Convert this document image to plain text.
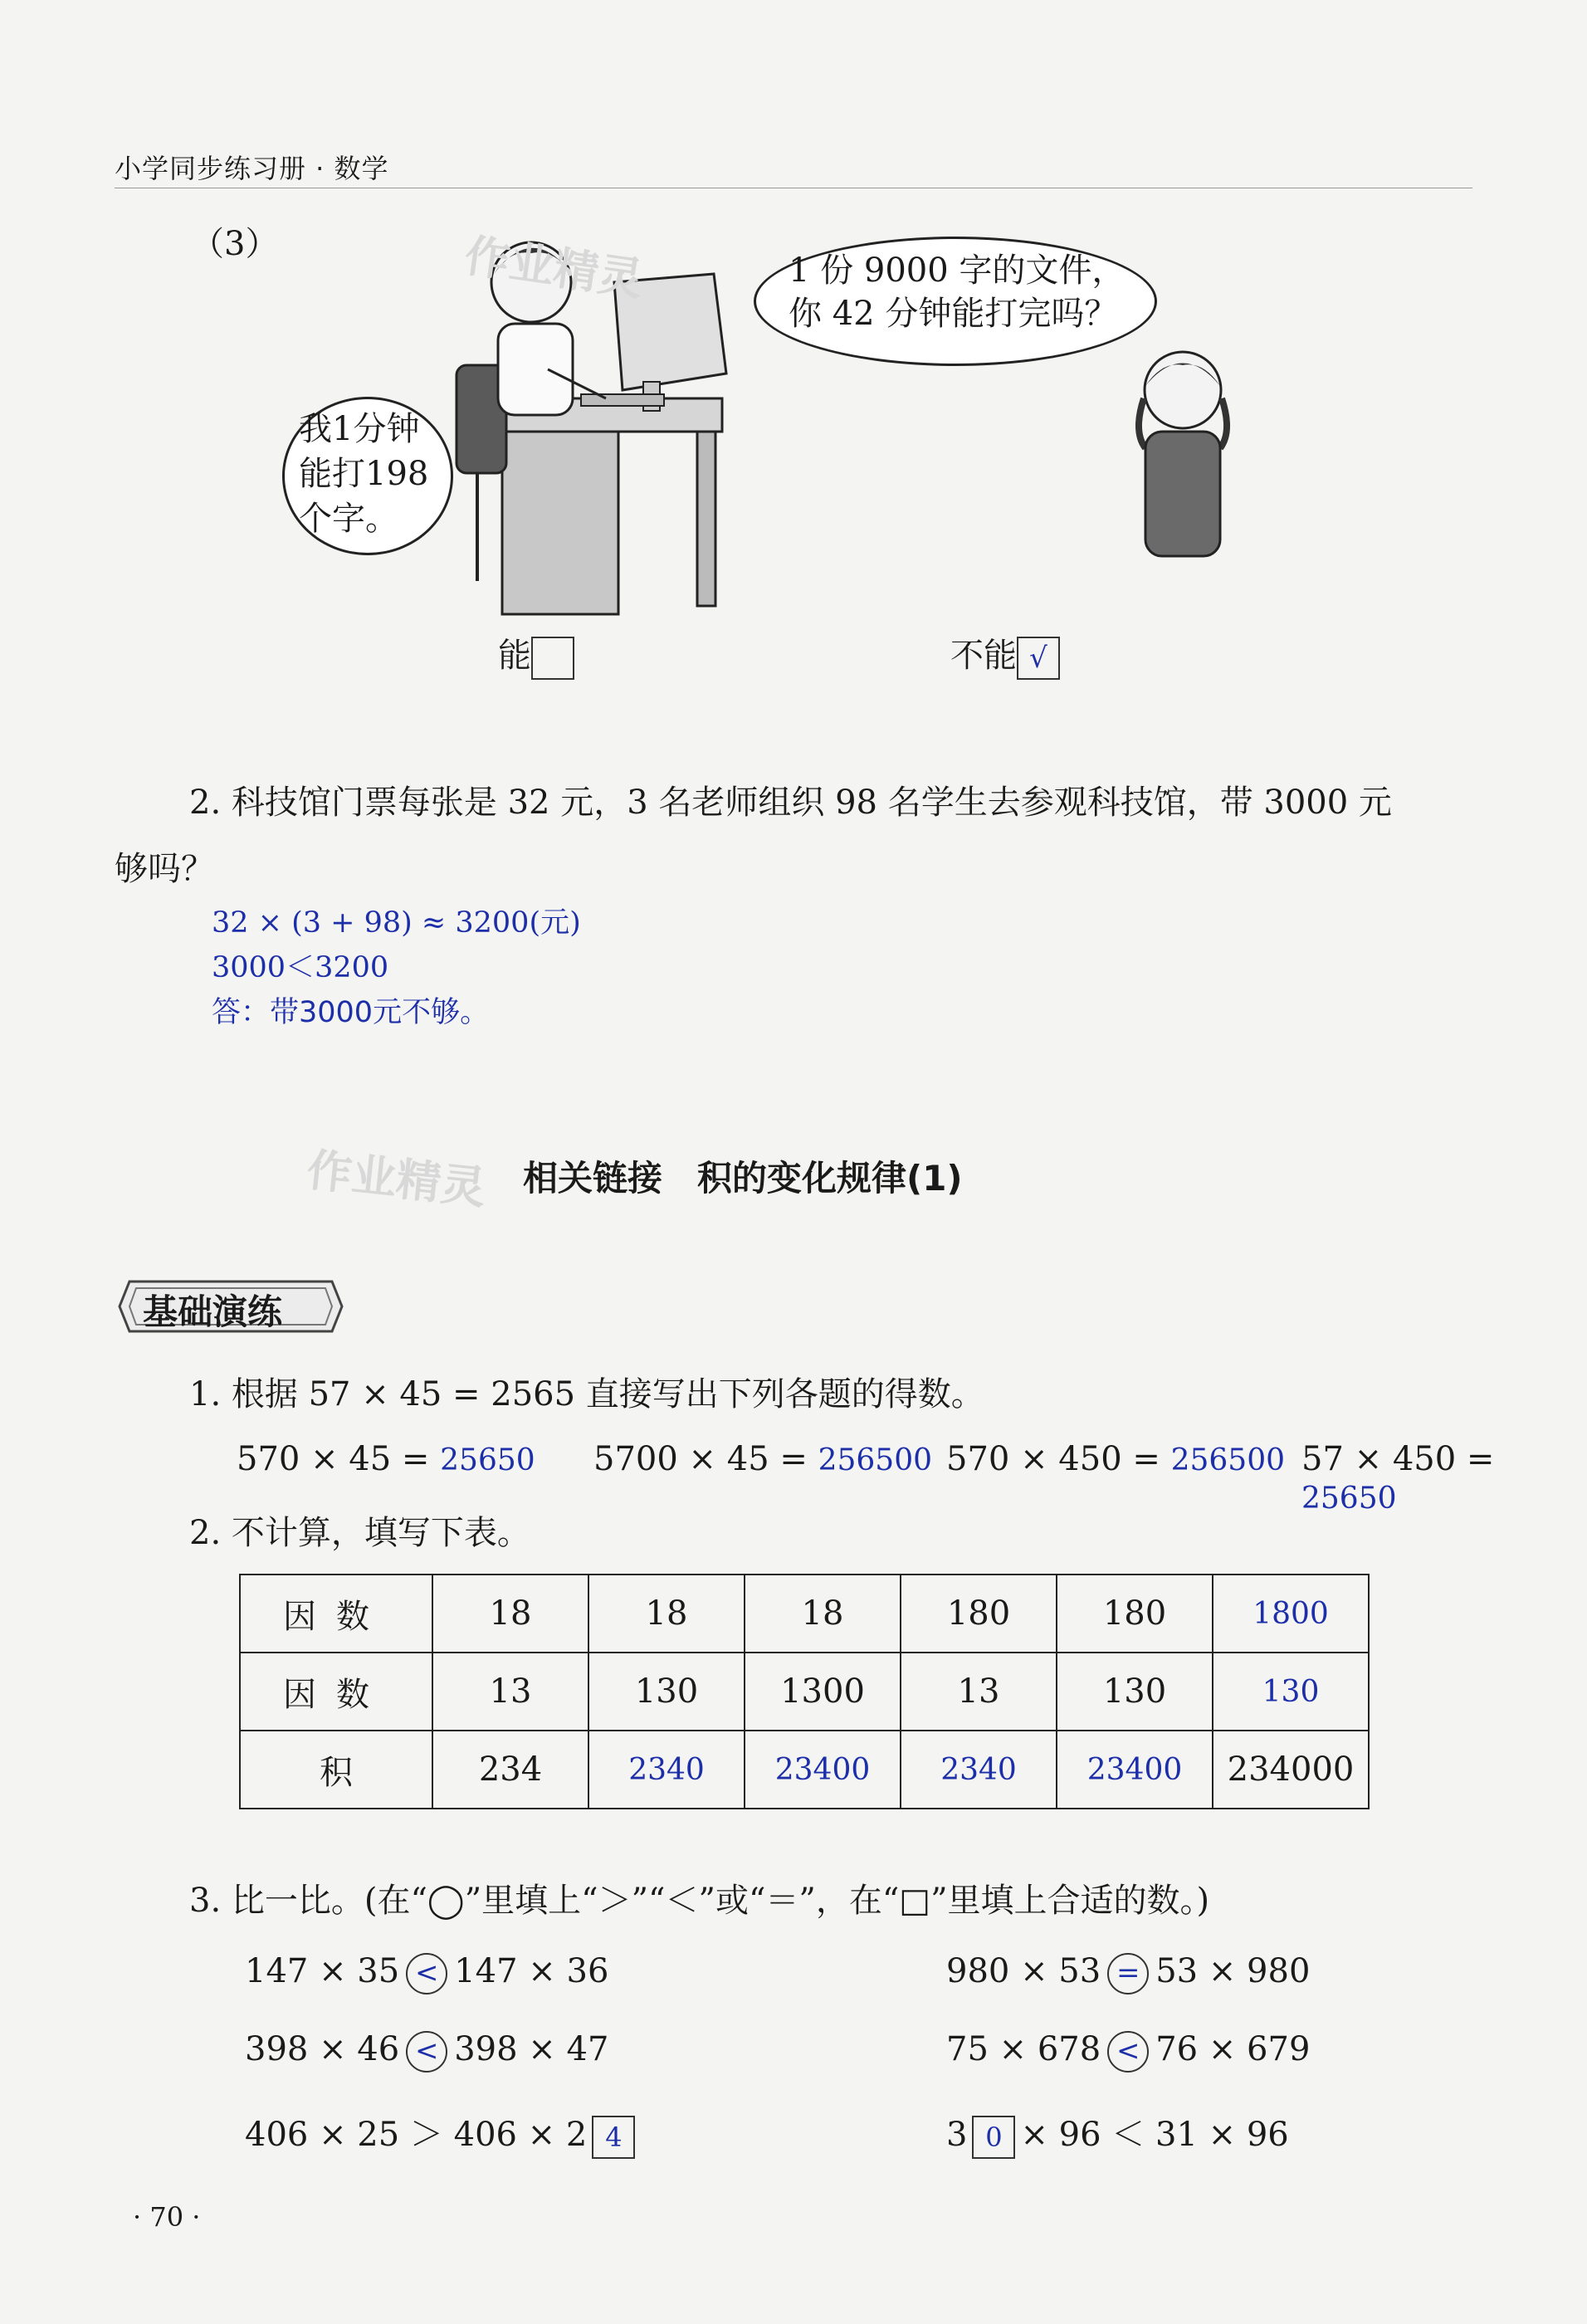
小学同步练习册 · 数学
（3）
1 份 9000 字的文件，
你 42 分钟能打完吗？
我1分钟
能打198
个字。
作业精灵
能	不能 √
2. 科技馆门票每张是 32 元，3 名老师组织 98 名学生去参观科技馆，带 3000 元
够吗？
32 × (3 + 98) ≈ 3200(元)
3000＜3200
答：带3000元不够。
作业精灵 相关链接　积的变化规律(1)
基础演练
1. 根据 57 × 45 = 2565 直接写出下列各题的得数。
570 × 45 = 25650 5700 × 45 = 256500 570 × 450 = 256500 57 × 450 = 25650
2. 不计算，填写下表。
因数	18	18	18	180	180	1800
因数	13	130	1300	13	130	130
积	234	2340	23400	2340	23400	234000
3. 比一比。(在“◯”里填上“＞”“＜”或“＝”，在“□”里填上合适的数。)
147 × 35 < 147 × 36	980 × 53 = 53 × 980
398 × 46 < 398 × 47	75 × 678 < 76 × 679
406 × 25 ＞ 406 × 2 4	3 0 × 96 ＜ 31 × 96
· 70 ·
